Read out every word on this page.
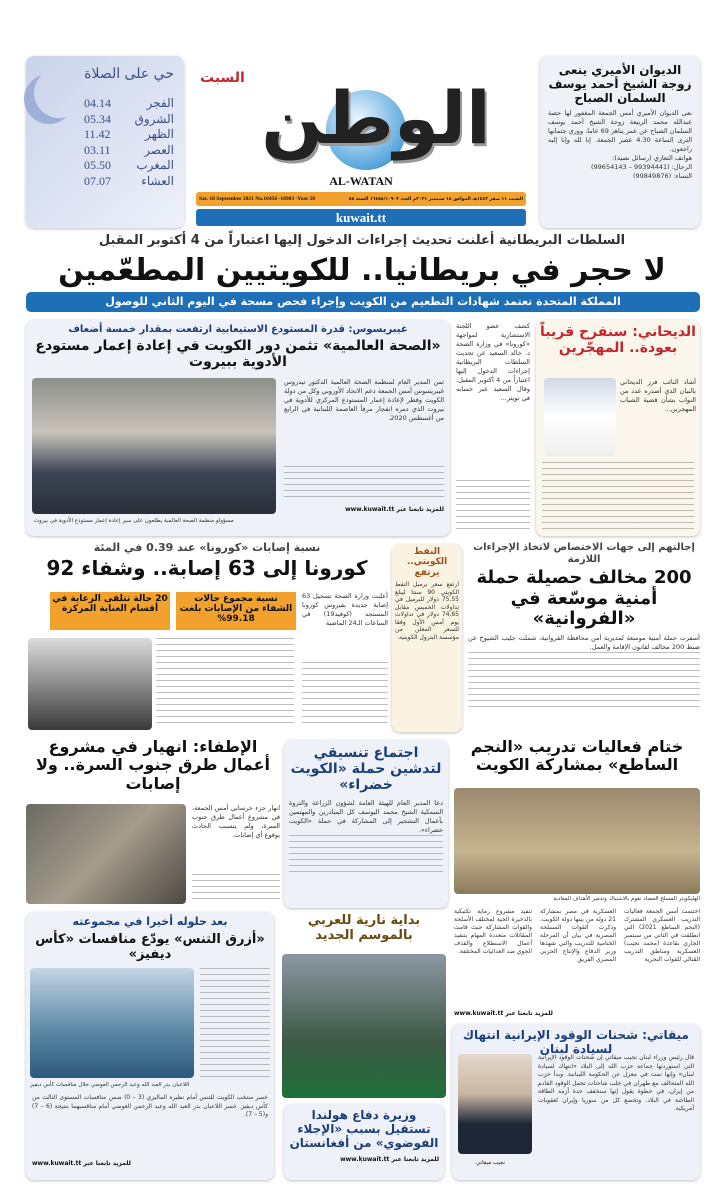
حي على الصلاة
الفجر
04.14
الشروق
05.34
الظهر
11.42
العصر
03.11
المغرب
05.50
العشاء
07.07
السبت الوطن
AL-WATAN
Sat. 18 September 2021 No.16458 -10903 -Year 58	السبت ١١ صفر ١٤٤٣هـ الموافق ١٨ سبتمبر ٢٠٢١م العدد ١٦٤٥٨/١٠٩٠٣ السنة ٥٨
kuwait.tt
الديوان الأميري ينعى زوجة الشيخ أحمد يوسف السلمان الصباح
نعى الديوان الأميري أمس الجمعة المغفور لها حصة عبدالله محمد الربيعة زوجة الشيخ أحمد يوسف السلمان الصباح عن عمر يناهز 69 عاما، ووري جثمانها الثرى الساعة 4.30 عصر الجمعة. إنا لله وإنا إليه راجعون.
هواتف التعازي (رسائل نصية):
الرجال: (99394441 – 99654143)
النساء: (99849876)
السلطات البريطانية أعلنت تحديث إجراءات الدخول إليها اعتباراً من 4 أكتوبر المقبل
لا حجر في بريطانيا.. للكويتيين المطعّمين
المملكة المتحدة تعتمد شهادات التطعيم من الكويت وإجراء فحص مسحة في اليوم الثاني للوصول
غيبريسوس: قدرة المستودع الاستيعابية ارتفعت بمقدار خمسة أضعاف
«الصحة العالمية» تثمن دور الكويت في إعادة إعمار مستودع الأدوية ببيروت
ثمن المدير العام لمنظمة الصحة العالمية الدكتور تيدروس غيبريسوس أمس الجمعة دعم الاتحاد الأوروبي وكل من دولة الكويت وقطر لإعادة إعمار المستودع المركزي للأدوية في بيروت الذي دمره انفجار مرفأ العاصمة اللبنانية في الرابع من أغسطس 2020.
للمزيد تابعنا عبر www.kuwait.tt
مسؤولو منظمة الصحة العالمية يطلعون على سير إعادة إعمار مستودع الأدوية في بيروت
كشف عضو اللجنة الاستشارية لمواجهة «كورونا» في وزارة الصحة د. خالد السعيد عن تحديث السلطات البريطانية إجراءات الدخول إليها اعتباراً من 4 أكتوبر المقبل. وقال السعيد عبر حسابه في تويتر...
الديحاني: سنفرح قريباً بعودة.. المهجّرين
أشاد النائب فرز الديحاني بالبيان الذي أصدره عدد من النواب بشأن قضية الشباب المهجرين...
نسبة إصابات «كورونا» عند 0.39 في المئة
كورونا إلى 63 إصابة.. وشفاء 92
نسبة مجموع حالات الشفاء من الإصابات بلغت 99.18%
20 حالة تتلقى الرعاية في أقسام العناية المركزة
أعلنت وزارة الصحة تسجيل 63 إصابة جديدة بفيروس كورونا المستجد (كوفيد19) في الساعات الـ24 الماضية
النفط الكويتي.. يرتفع
ارتفع سعر برميل النفط الكويتي 90 سنتا ليبلغ 75.55 دولار للبرميل في تداولات الخميس مقابل 74.65 دولار في تداولات يوم أمس الأول وفقا للسعر المعلن من مؤسسة البترول الكويتية.
إحالتهم إلى جهات الاختصاص لاتخاذ الإجراءات اللازمة
200 مخالف حصيلة حملة أمنية موسّعة في «الفروانية»
أسفرت حملة أمنية موسعة لمديرية أمن محافظة الفروانية، شملت جليب الشيوخ عن ضبط 200 مخالف لقانون الإقامة والعمل.
الإطفاء: انهيار في مشروع أعمال طرق جنوب السرة.. ولا إصابات
انهار جزء خرساني أمس الجمعة، في مشروع أعمال طرق جنوب السرة، ولم يتسبب الحادث بوقوع أي إصابات.
اجتماع تنسيقي لتدشين حملة «الكويت خضراء»
دعا المدير العام للهيئة العامة لشؤون الزراعة والثروة السمكية الشيخ محمد اليوسف كل المبادرين والمهتمين بأعمال التشجير إلى المشاركة في حملة «الكويت خضراء».
ختام فعاليات تدريب «النجم الساطع» بمشاركة الكويت
الهليكوبتر المسلح المضاد تقوم بالاشتباك وتدمير الأهداف المعادية
اختتمت أمس الجمعة فعاليات التدريب العسكري المشترك (النجم الساطع 2021) التي انطلقت في الثاني من سبتمبر الجاري بقاعدة (محمد نجيب) العسكرية ومناطق التدريب القتالي للقوات البحرية
العسكرية في مصر بمشاركة 21 دولة من بينها دولة الكويت. وذكرت القوات المسلحة المصرية في بيان أن المرحلة الختامية للتدريب والتي شهدها وزير الدفاع والإنتاج الحربي المصري الفريق
تنفيذ مشروع رماية تكتيكية بالذخيرة الحية لمختلف الأسلحة والقوات المشاركة حيث قامت المقاتلات متعددة المهام بتنفيذ أعمال الاستطلاع والقذف الجوي ضد العدائيات المختلفة.
للمزيد تابعنا عبر www.kuwait.tt
بعد حلوله أخيرا في مجموعته
«أزرق التنس» يودّع منافسات «كأس ديفيز»
اللاعبان بدر العبد الله وعبد الرحمن العوضي خلال منافسات كأس ديفيز
خسر منتخب الكويت للتنس أمام نظيره الماليزي (3 – 0) ضمن منافسات المستوى الثالث من كأس ديفيز. خسر اللاعبان بدر العبد الله وعبد الرحمن العوضي أمام منافسيهما بنتيجة (6 – 7) و(5 – 7).
للمزيد تابعنا عبر www.kuwait.tt
بداية نارية للعربي بالموسم الجديد
وزيرة دفاع هولندا تستقيل بسبب «الإجلاء الفوضوي» من أفغانستان
للمزيد تابعنا عبر www.kuwait.tt
ميقاتي: شحنات الوقود الإيرانية انتهاك لسيادة لبنان
نجيب ميقاتي
قال رئيس وزراء لبنان نجيب ميقاتي إن شحنات الوقود الإيرانية التي استوردتها جماعة حزب الله إلى البلاد «انتهاك لسيادة لبنان» وإنها تمت في معزل عن الحكومة اللبنانية. وبدأ حزب الله المتحالف مع طهران في جلب شاحنات تحمل الوقود القادم من إيران، في خطوة يقول إنها ستخفف حدة أزمة الطاقة الطاحنة في البلاد. وتخضع كل من سوريا وإيران لعقوبات أمريكية.
